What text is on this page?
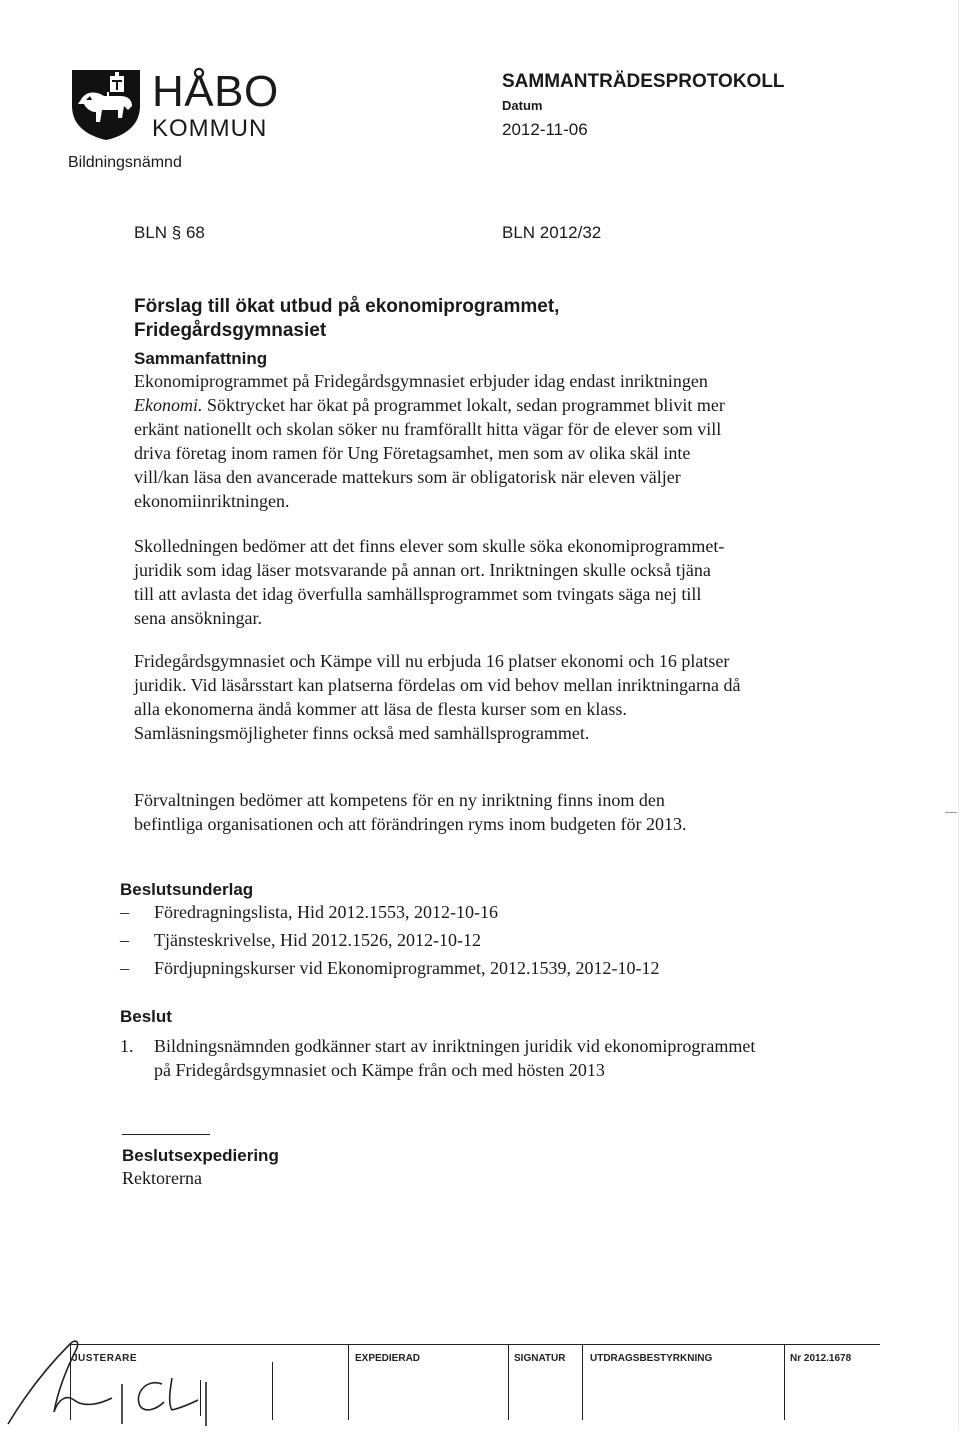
HÅBO
KOMMUN
Bildningsnämnd
SAMMANTRÄDESPROTOKOLL
Datum
2012-11-06
BLN § 68	BLN 2012/32
Förslag till ökat utbud på ekonomiprogrammet, Fridegårdsgymnasiet
Sammanfattning
Ekonomiprogrammet på Fridegårdsgymnasiet erbjuder idag endast inriktningen Ekonomi. Söktrycket har ökat på programmet lokalt, sedan programmet blivit mer erkänt nationellt och skolan söker nu framförallt hitta vägar för de elever som vill driva företag inom ramen för Ung Företagsamhet, men som av olika skäl inte vill/kan läsa den avancerade mattekurs som är obligatorisk när eleven väljer ekonomiinriktningen.
Skolledningen bedömer att det finns elever som skulle söka ekonomiprogrammet- juridik som idag läser motsvarande på annan ort. Inriktningen skulle också tjäna till att avlasta det idag överfulla samhällsprogrammet som tvingats säga nej till sena ansökningar.
Fridegårdsgymnasiet och Kämpe vill nu erbjuda 16 platser ekonomi och 16 platser juridik. Vid läsårsstart kan platserna fördelas om vid behov mellan inriktningarna då alla ekonomerna ändå kommer att läsa de flesta kurser som en klass. Samläsningsmöjligheter finns också med samhällsprogrammet.
Förvaltningen bedömer att kompetens för en ny inriktning finns inom den befintliga organisationen och att förändringen ryms inom budgeten för 2013.
Beslutsunderlag
– Föredragningslista, Hid 2012.1553, 2012-10-16
– Tjänsteskrivelse, Hid 2012.1526, 2012-10-12
– Fördjupningskurser vid Ekonomiprogrammet, 2012.1539, 2012-10-12
Beslut
1. Bildningsnämnden godkänner start av inriktningen juridik vid ekonomiprogrammet på Fridegårdsgymnasiet och Kämpe från och med hösten 2013
Beslutsexpediering
Rektorerna
JUSTERARE	EXPEDIERAD	SIGNATUR UTDRAGSBESTYRKNING	Nr 2012.1678
